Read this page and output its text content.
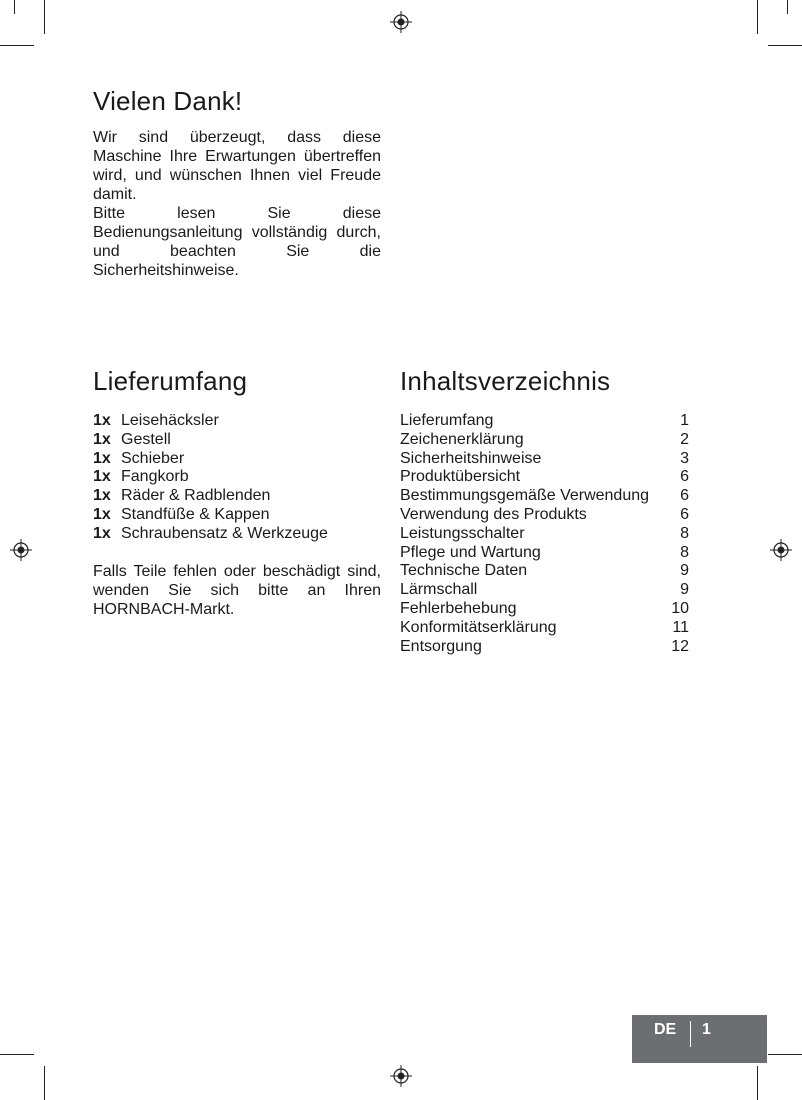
Vielen Dank!

Wir sind überzeugt, dass diese Maschine Ihre Erwartungen übertreffen wird, und wünschen Ihnen viel Freude damit.

Bitte lesen Sie diese Bedienungsanleitung vollständig durch, und beachten Sie die Sicherheitshinweise.

Lieferumfang
1x Leisehäcksler
1x Gestell
1x Schieber
1x Fangkorb
1x Räder & Radblenden
1x Standfüße & Kappen
1x Schraubensatz & Werkzeuge

Falls Teile fehlen oder beschädigt sind, wenden Sie sich bitte an Ihren HORNBACH-Markt.

Inhaltsverzeichnis
Lieferumfang	1
Zeichenerklärung	2
Sicherheitshinweise	3
Produktübersicht	6
Bestimmungsgemäße Verwendung 6
Verwendung des Produkts	6
Leistungsschalter	8
Pflege und Wartung	8
Technische Daten	9
Lärmschall	9
Fehlerbehebung	10
Konformitätserklärung	11
Entsorgung	12
DE 1
